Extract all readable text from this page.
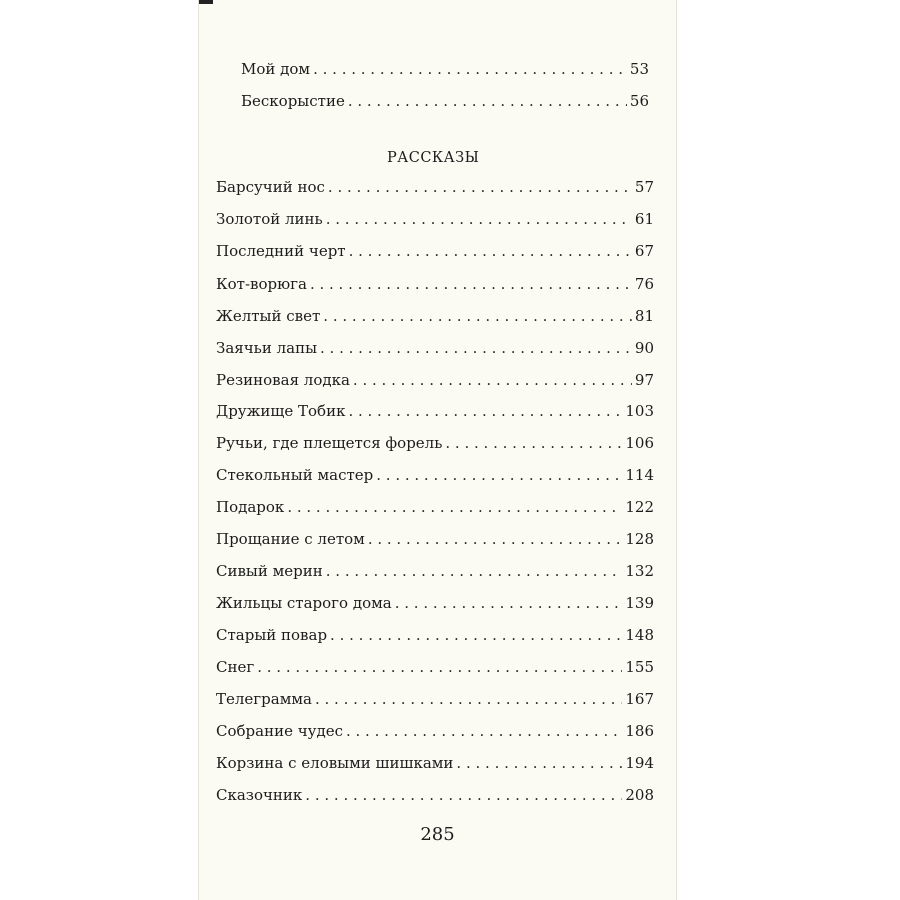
Мой дом . . .	53
Бескорыстие . . .	56
РАССКАЗЫ
Барсучий нос . . .	57
Золотой линь . . .	61
Последний черт . . .	67
Кот-ворюга . . .	76
Желтый свет . . .	81
Заячьи лапы . . .	90
Резиновая лодка . . .	97
Дружище Тобик . . .	103
Ручьи, где плещется форель . . .	106
Стекольный мастер . . .	114
Подарок . . .	122
Прощание с летом . . .	128
Сивый мерин . . .	132
Жильцы старого дома . . .	139
Старый повар . . .	148
Снег . . .	155
Телеграмма . . .	167
Собрание чудес . . .	186
Корзина с еловыми шишками . . .	194
Сказочник . . .	208
285
